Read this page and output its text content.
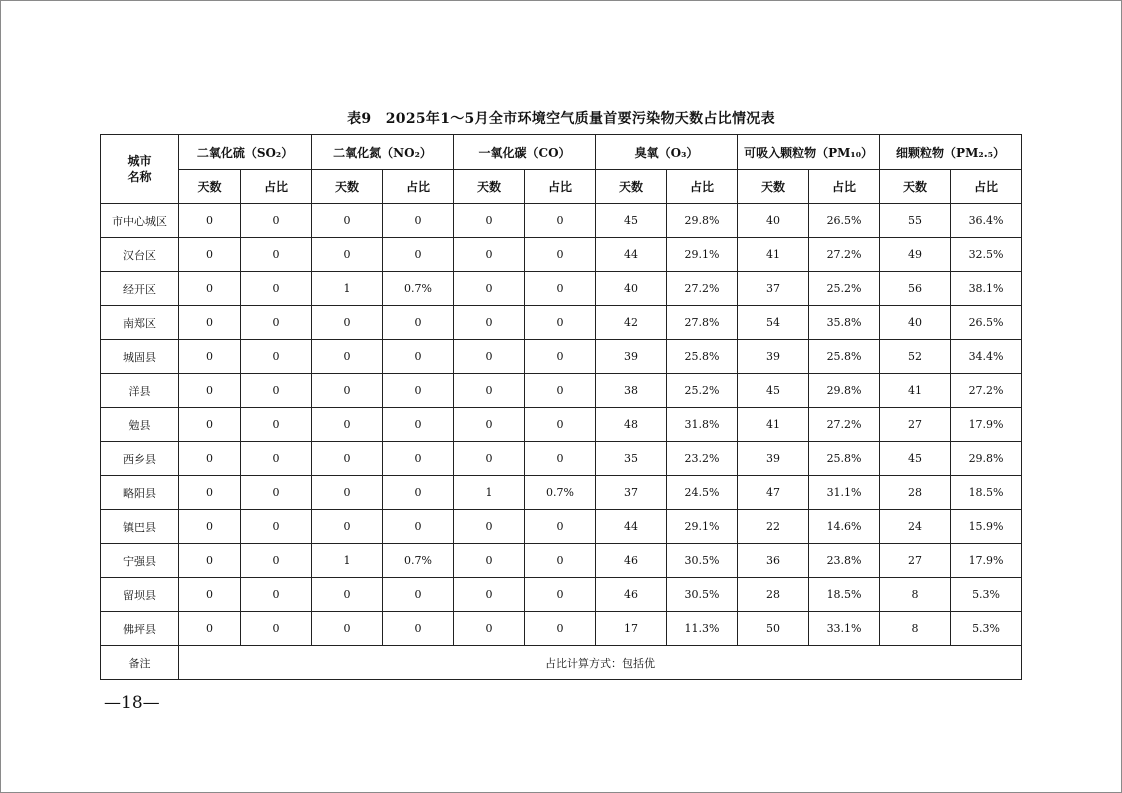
表9　2025年1～5月全市环境空气质量首要污染物天数占比情况表
城市
名称	二氧化硫（SO₂）		二氧化氮（NO₂）		一氧化碳（CO）		臭氧（O₃）		可吸入颗粒物（PM₁₀）		细颗粒物（PM₂.₅）	
	天数	占比	天数	占比	天数	占比	天数	占比	天数	占比	天数	占比
市中心城区	0	0	0	0	0	0	45	29.8%	40	26.5%	55	36.4%
汉台区	0	0	0	0	0	0	44	29.1%	41	27.2%	49	32.5%
经开区	0	0	1	0.7%	0	0	40	27.2%	37	25.2%	56	38.1%
南郑区	0	0	0	0	0	0	42	27.8%	54	35.8%	40	26.5%
城固县	0	0	0	0	0	0	39	25.8%	39	25.8%	52	34.4%
洋县	0	0	0	0	0	0	38	25.2%	45	29.8%	41	27.2%
勉县	0	0	0	0	0	0	48	31.8%	41	27.2%	27	17.9%
西乡县	0	0	0	0	0	0	35	23.2%	39	25.8%	45	29.8%
略阳县	0	0	0	0	1	0.7%	37	24.5%	47	31.1%	28	18.5%
镇巴县	0	0	0	0	0	0	44	29.1%	22	14.6%	24	15.9%
宁强县	0	0	1	0.7%	0	0	46	30.5%	36	23.8%	27	17.9%
留坝县	0	0	0	0	0	0	46	30.5%	28	18.5%	8	5.3%
佛坪县	0	0	0	0	0	0	17	11.3%	50	33.1%	8	5.3%
备注	占比计算方式：包括优											
—18—
